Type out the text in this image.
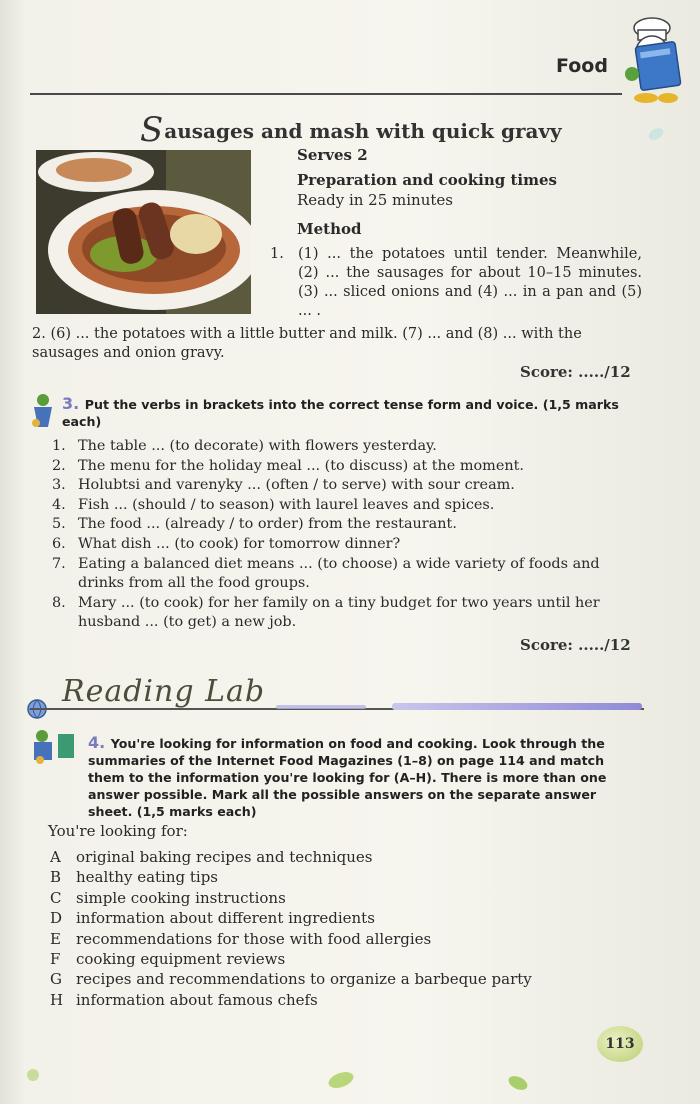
Food
Sausages and mash with quick gravy
Serves 2
Preparation and cooking times
Ready in 25 minutes
Method
1. (1) ... the potatoes until tender. Meanwhile, (2) ... the sausages for about 10–15 minutes. (3) ... sliced onions and (4) ... in a pan and (5) ... .
2. (6) ... the potatoes with a little butter and milk. (7) ... and (8) ... with the sausages and onion gravy.
Score: ...../12
3. Put the verbs in brackets into the correct tense form and voice. (1,5 marks each)
1. The table ... (to decorate) with flowers yesterday.
2. The menu for the holiday meal ... (to discuss) at the moment.
3. Holubtsi and varenyky ... (often / to serve) with sour cream.
4. Fish ... (should / to season) with laurel leaves and spices.
5. The food ... (already / to order) from the restaurant.
6. What dish ... (to cook) for tomorrow dinner?
7. Eating a balanced diet means ... (to choose) a wide variety of foods and drinks from all the food groups.
8. Mary ... (to cook) for her family on a tiny budget for two years until her husband ... (to get) a new job.
Score: ...../12
Reading Lab
4. You're looking for information on food and cooking. Look through the summaries of the Internet Food Magazines (1–8) on page 114 and match them to the information you're looking for (A–H). There is more than one answer possible. Mark all the possible answers on the separate answer sheet. (1,5 marks each)
You're looking for:
A original baking recipes and techniques
B healthy eating tips
C simple cooking instructions
D information about different ingredients
E recommendations for those with food allergies
F cooking equipment reviews
G recipes and recommendations to organize a barbeque party
H information about famous chefs
113
